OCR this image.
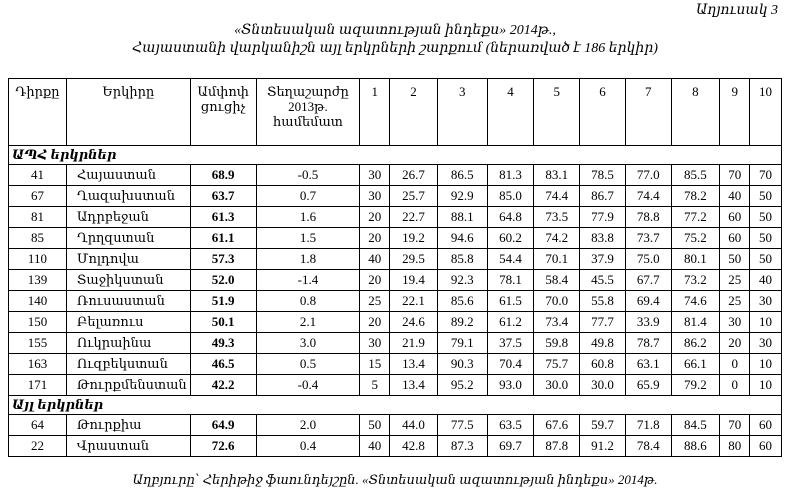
Աղյուսակ 3
«Տնտեսական ազատության ինդեքս» 2014թ.,
Հայաստանի վարկանիշն այլ երկրների շարքում (ներառված է 186 երկիր)
Դիրքը	Երկիրը	Ամփոփ ցուցիչ	Տեղաշարժը 2013թ. համեմատ	1	2	3	4	5	6	7	8	9	10
ԱՊՀ երկրներ													
41	Հայաստան	68.9	-0.5	30	26.7	86.5	81.3	83.1	78.5	77.0	85.5	70	70
67	Ղազախստան	63.7	0.7	30	25.7	92.9	85.0	74.4	86.7	74.4	78.2	40	50
81	Ադրբեջան	61.3	1.6	20	22.7	88.1	64.8	73.5	77.9	78.8	77.2	60	50
85	Ղրղզստան	61.1	1.5	20	19.2	94.6	60.2	74.2	83.8	73.7	75.2	60	50
110	Մոլդովա	57.3	1.8	40	29.5	85.8	54.4	70.1	37.9	75.0	80.1	50	50
139	Տաջիկստան	52.0	-1.4	20	19.4	92.3	78.1	58.4	45.5	67.7	73.2	25	40
140	Ռուսաստան	51.9	0.8	25	22.1	85.6	61.5	70.0	55.8	69.4	74.6	25	30
150	Բելառուս	50.1	2.1	20	24.6	89.2	61.2	73.4	77.7	33.9	81.4	30	10
155	Ուկրաինա	49.3	3.0	30	21.9	79.1	37.5	59.8	49.8	78.7	86.2	20	30
163	Ուզբեկստան	46.5	0.5	15	13.4	90.3	70.4	75.7	60.8	63.1	66.1	0	10
171	Թուրքմենստան	42.2	-0.4	5	13.4	95.2	93.0	30.0	30.0	65.9	79.2	0	10
Այլ երկրներ													
64	Թուրքիա	64.9	2.0	50	44.0	77.5	63.5	67.6	59.7	71.8	84.5	70	60
22	Վրաստան	72.6	0.4	40	42.8	87.3	69.7	87.8	91.2	78.4	88.6	80	60
Աղբյուրը՝ Հերիթիջ ֆաունդեյշըն. «Տնտեսական ազատության ինդեքս» 2014թ.
